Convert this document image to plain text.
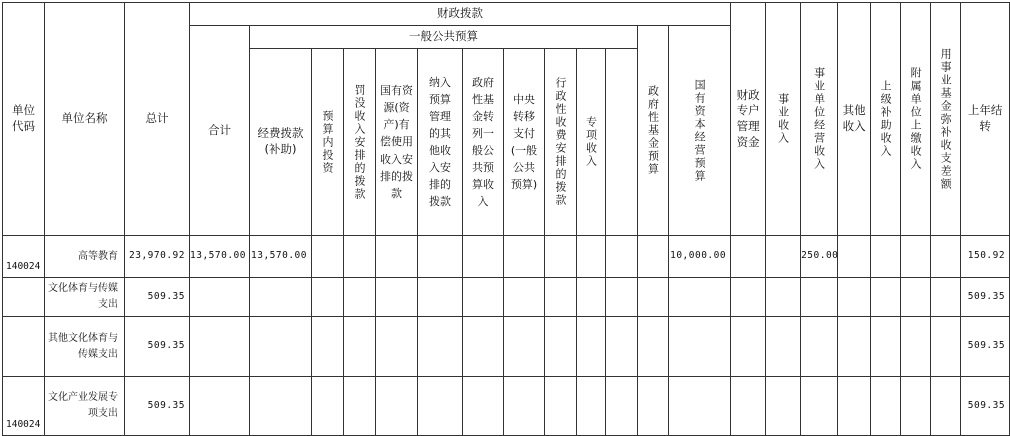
单位代码	单位名称	总计	财政拨款													财政专户管理资金	事业收入	事业单位经营收入	其他收入	上级补助收入	附属单位上缴收入	用事业基金弥补收支差额	上年结转
			合计	一般公共预算										政府性基金预算	国有资本经营预算								
				经费拨款(补助)	预算内投资	罚没收入安排的拨款	国有资源(资产)有偿使用收入安排的拨款	纳入预算管理的其他收入安排的拨款	政府性基金转列一般公共预算收入	中央转移支付(一般公共预算)	行政性收费安排的拨款	专项收入											
140024	高等教育	23,970.92	13,570.00	13,570.00											10,000.00			250.00					150.92
	文化体育与传媒支出	509.35																					509.35
	其他文化体育与传媒支出	509.35																					509.35
140024	文化产业发展专项支出	509.35																					509.35
